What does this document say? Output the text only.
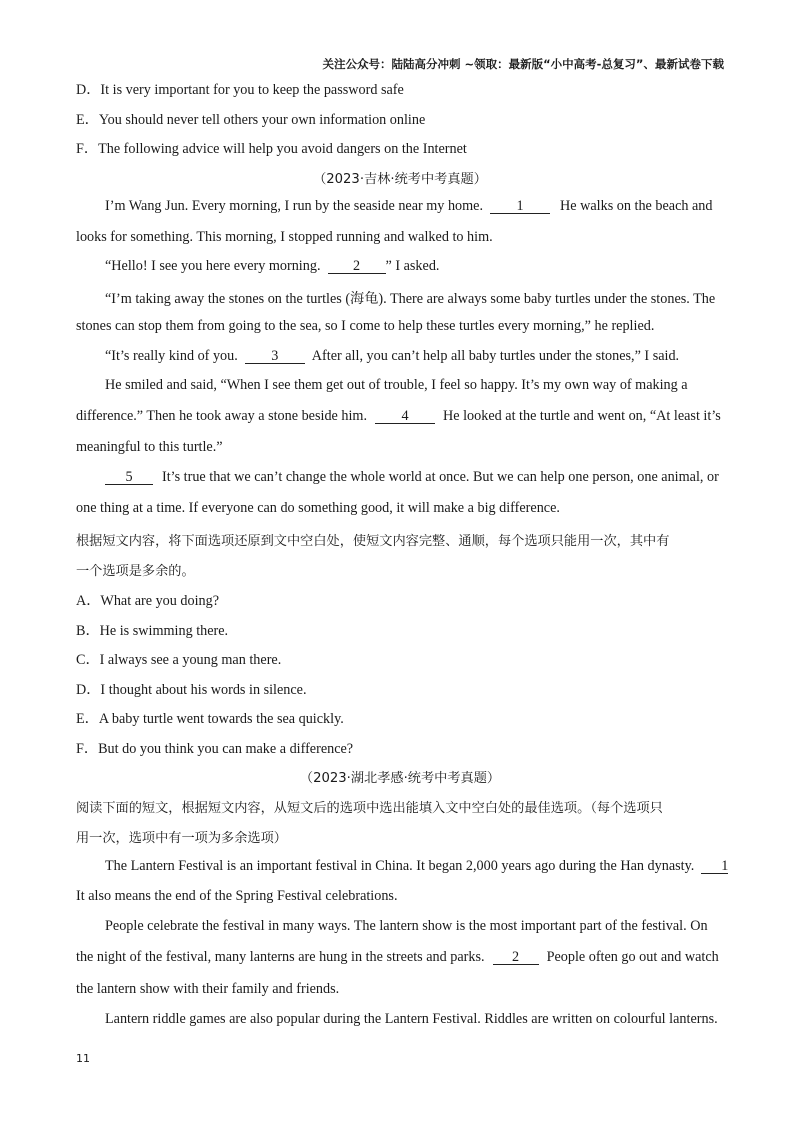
关注公众号：陆陆高分冲刺 ~领取：最新版“小中高考-总复习”、最新试卷下载
D．It is very important for you to keep the password safe
E．You should never tell others your own information online
F．The following advice will help you avoid dangers on the Internet
（2023·吉林·统考中考真题）
I’m Wang Jun. Every morning, I run by the seaside near my home. 1	He walks on the beach and
looks for something. This morning, I stopped running and walked to him.
“Hello! I see you here every morning. 2 ” I asked.
“I’m taking away the stones on the turtles (海龟). There are always some baby turtles under the stones. The
stones can stop them from going to the sea, so I come to help these turtles every morning,” he replied.
“It’s really kind of you. 3 After all, you can’t help all baby turtles under the stones,” I said.
He smiled and said, “When I see them get out of trouble, I feel so happy. It’s my own way of making a
difference.” Then he took away a stone beside him. 4 He looked at the turtle and went on, “At least it’s
meaningful to this turtle.”
5 It’s true that we can’t change the whole world at once. But we can help one person, one animal, or
one thing at a time. If everyone can do something good, it will make a big difference.
根据短文内容，将下面选项还原到文中空白处，使短文内容完整、通顺，每个选项只能用一次，其中有
一个选项是多余的。
A．What are you doing?
B．He is swimming there.
C．I always see a young man there.
D．I thought about his words in silence.
E．A baby turtle went towards the sea quickly.
F．But do you think you can make a difference?
（2023·湖北孝感·统考中考真题）
阅读下面的短文，根据短文内容，从短文后的选项中选出能填入文中空白处的最佳选项。（每个选项只
用一次，选项中有一项为多余选项）
The Lantern Festival is an important festival in China. It began 2,000 years ago during the Han dynasty. 1
It also means the end of the Spring Festival celebrations.
People celebrate the festival in many ways. The lantern show is the most important part of the festival. On
the night of the festival, many lanterns are hung in the streets and parks. 2 People often go out and watch
the lantern show with their family and friends.
Lantern riddle games are also popular during the Lantern Festival. Riddles are written on colourful lanterns.
11
